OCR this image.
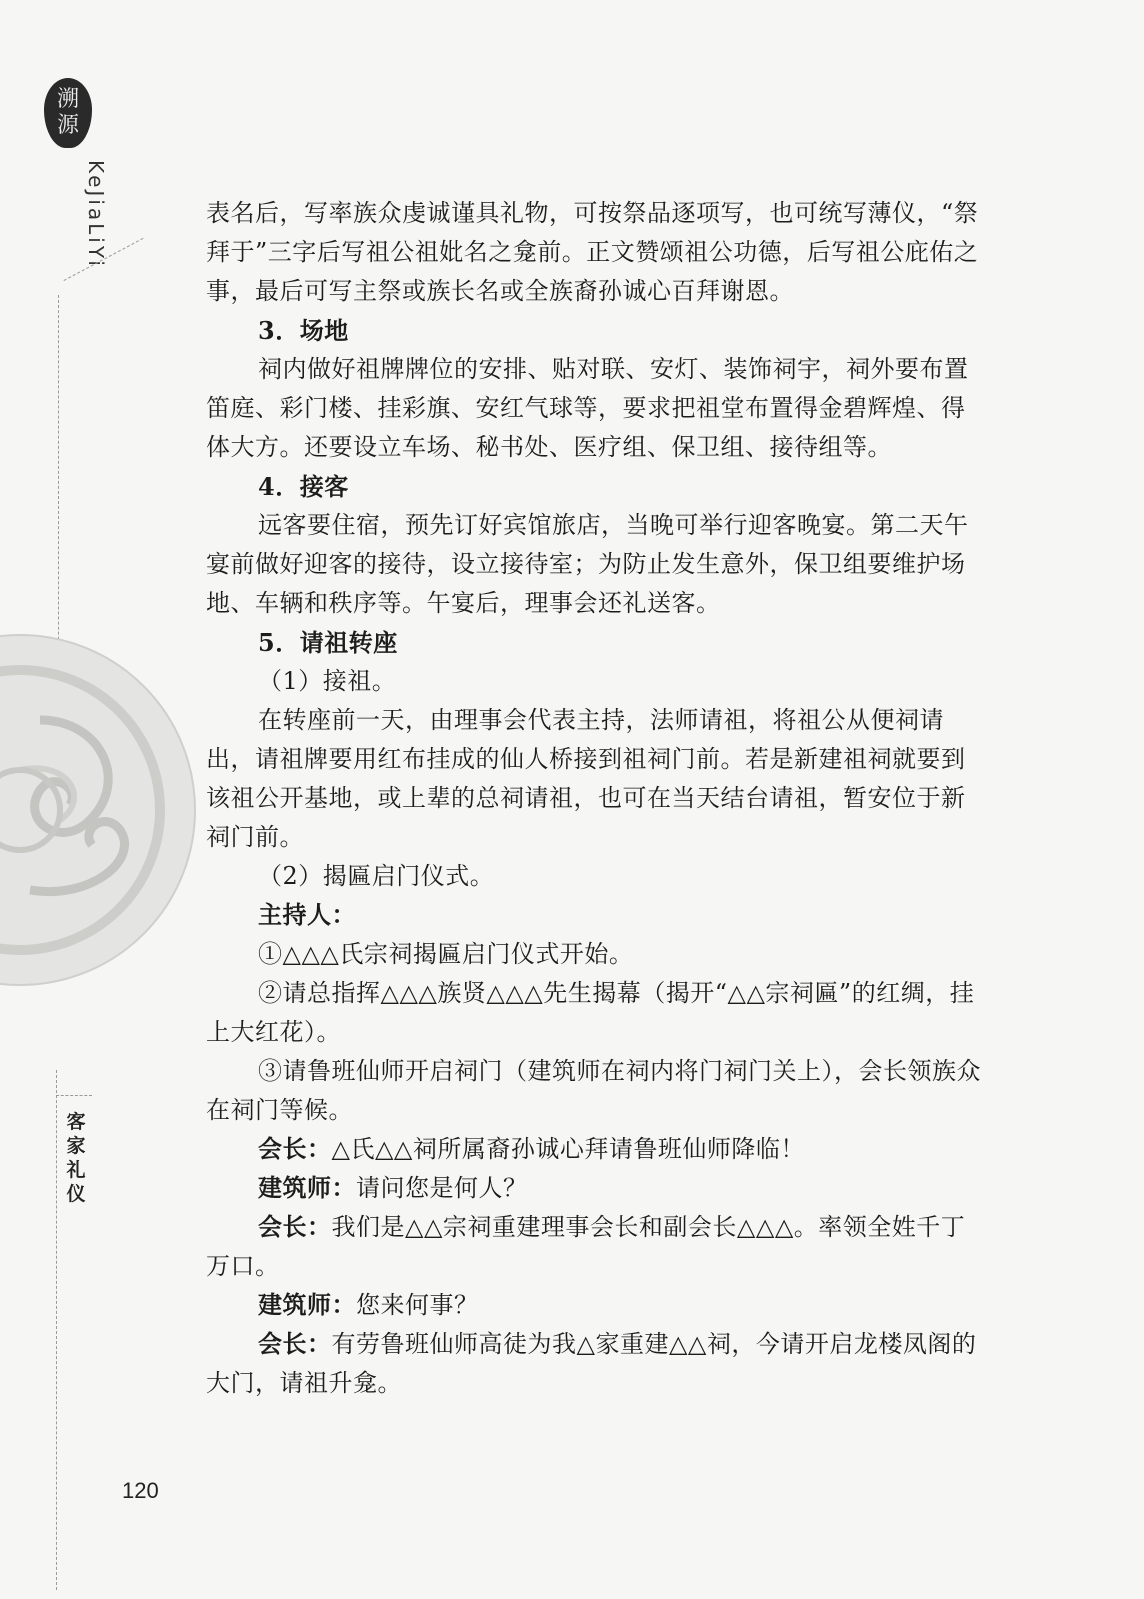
溯
源
KeJiaLiYi
客家礼仪

表名后，写率族众虔诚谨具礼物，可按祭品逐项写，也可统写薄仪，“祭拜于”三字后写祖公祖妣名之龛前。正文赞颂祖公功德，后写祖公庇佑之事，最后可写主祭或族长名或全族裔孙诚心百拜谢恩。

3．场地

祠内做好祖牌牌位的安排、贴对联、安灯、装饰祠宇，祠外要布置笛庭、彩门楼、挂彩旗、安红气球等，要求把祖堂布置得金碧辉煌、得体大方。还要设立车场、秘书处、医疗组、保卫组、接待组等。

4．接客

远客要住宿，预先订好宾馆旅店，当晚可举行迎客晚宴。第二天午宴前做好迎客的接待，设立接待室；为防止发生意外，保卫组要维护场地、车辆和秩序等。午宴后，理事会还礼送客。

5．请祖转座

（1）接祖。

在转座前一天，由理事会代表主持，法师请祖，将祖公从便祠请出，请祖牌要用红布挂成的仙人桥接到祖祠门前。若是新建祖祠就要到该祖公开基地，或上辈的总祠请祖，也可在当天结台请祖，暂安位于新祠门前。

（2）揭匾启门仪式。

主持人：

①△△△氏宗祠揭匾启门仪式开始。

②请总指挥△△△族贤△△△先生揭幕（揭开“△△宗祠匾”的红绸，挂上大红花）。

③请鲁班仙师开启祠门（建筑师在祠内将门祠门关上），会长领族众在祠门等候。

会长：△氏△△祠所属裔孙诚心拜请鲁班仙师降临！

建筑师：请问您是何人？

会长：我们是△△宗祠重建理事会长和副会长△△△。率领全姓千丁万口。

建筑师：您来何事？

会长：有劳鲁班仙师高徒为我△家重建△△祠，今请开启龙楼凤阁的大门，请祖升龛。

120
